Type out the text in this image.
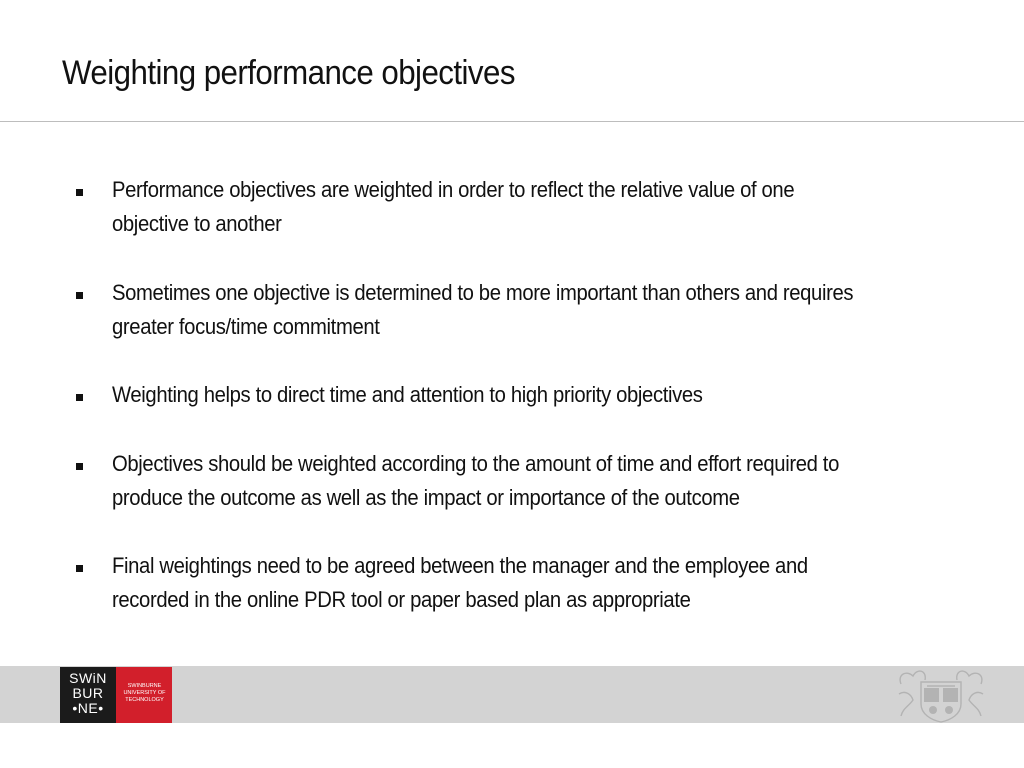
Weighting performance objectives
Performance objectives are weighted in order to reflect the relative value of one
objective to another
Sometimes one objective is determined to be more important than others and requires
greater focus/time commitment
Weighting helps to direct time and attention to high priority objectives
Objectives should be weighted according to the amount of time and effort required to
produce the outcome as well as the impact or importance of the outcome
Final weightings need to be agreed between the manager and the employee and
recorded in the online PDR tool or paper based plan as appropriate
SWiN
BUR
•NE•
SWINBURNE
UNIVERSITY OF
TECHNOLOGY
